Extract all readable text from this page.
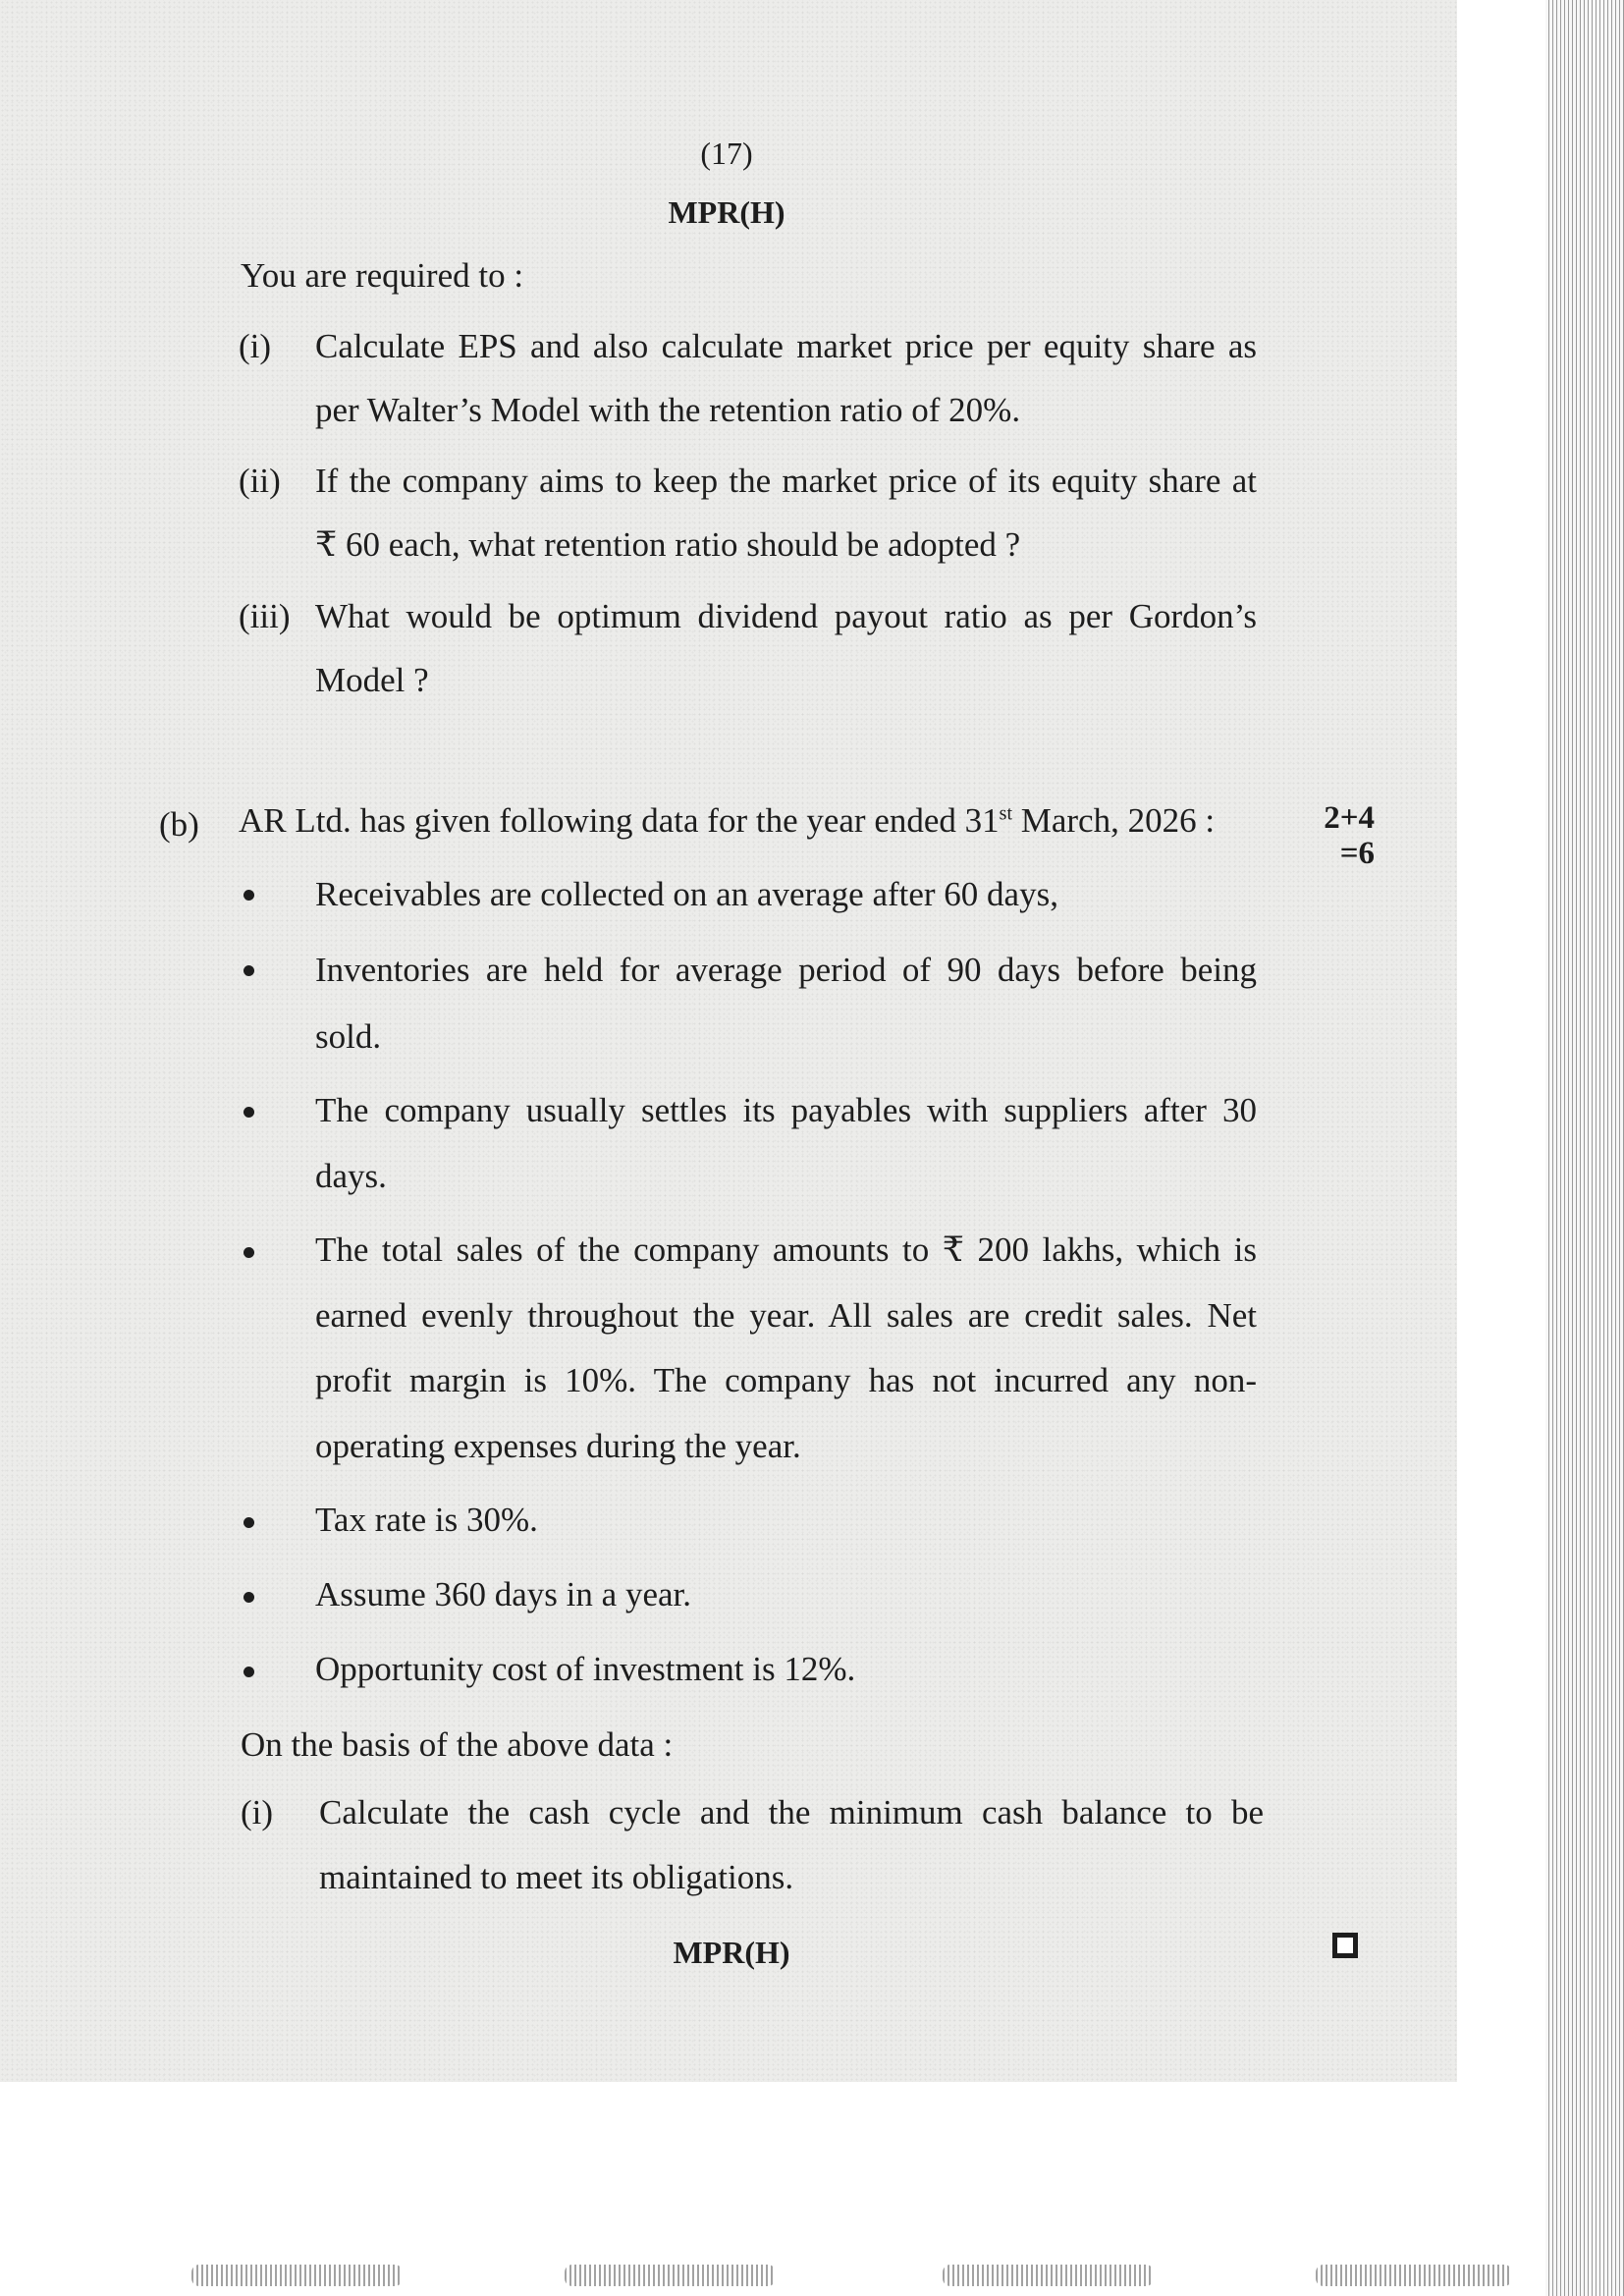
(17)
MPR(H)
You are required to :
(i) Calculate EPS and also calculate market price per equity share as
per Walter’s Model with the retention ratio of 20%.
(ii) If the company aims to keep the market price of its equity share at
₹ 60 each, what retention ratio should be adopted ?
(iii) What would be optimum dividend payout ratio as per Gordon’s
Model ?
(b) AR Ltd. has given following data for the year ended 31st March, 2026 :	2+4
=6
Receivables are collected on an average after 60 days,
Inventories are held for average period of 90 days before being
sold.
The company usually settles its payables with suppliers after 30
days.
The total sales of the company amounts to ₹ 200 lakhs, which is
earned evenly throughout the year. All sales are credit sales. Net
profit margin is 10%. The company has not incurred any non-
operating expenses during the year.
Tax rate is 30%.
Assume 360 days in a year.
Opportunity cost of investment is 12%.
On the basis of the above data :
(i) Calculate the cash cycle and the minimum cash balance to be
maintained to meet its obligations.
MPR(H)
